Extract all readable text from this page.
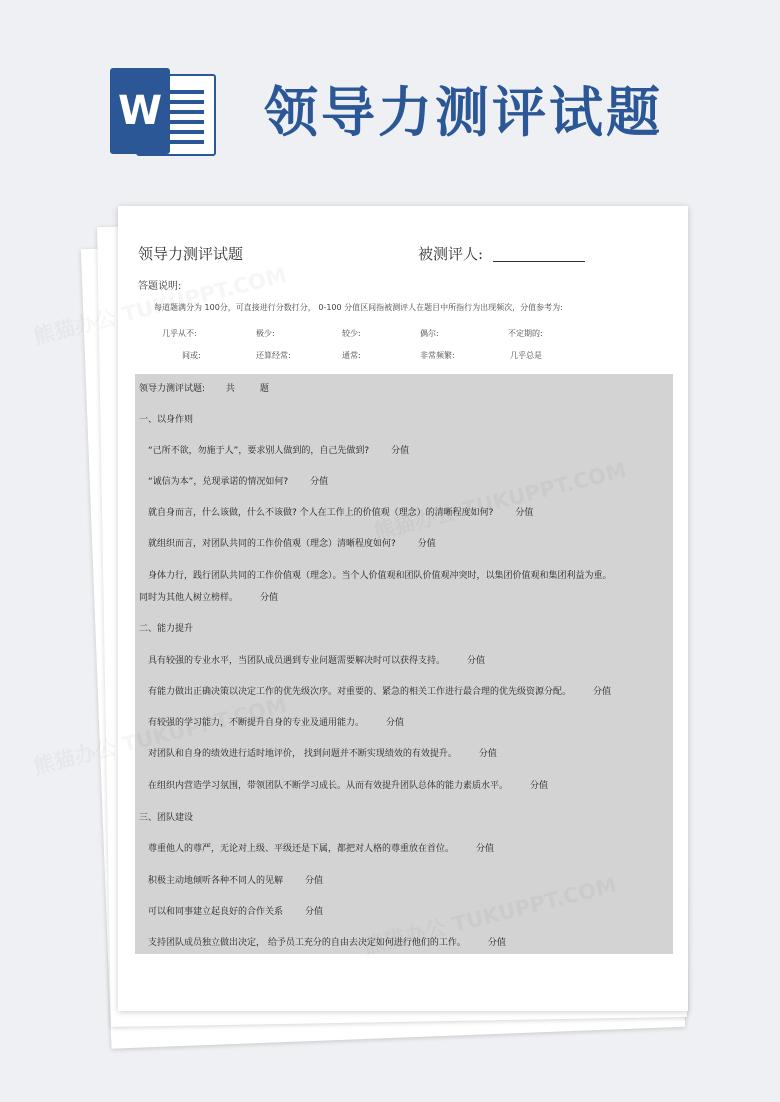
W 领导力测评试题
领导力测评试题	被测评人:
答题说明:
每道题满分为 100分，可直接进行分数打分， 0-100 分值区间指被测评人在题目中所指行为出现频次，分值参考为:
几乎从不:	极少:	较少:	偶尔:	不定期的:
间或:	还算经常:	通常:	非常频繁:	几乎总是
领导力测评试题: 共	题
一、以身作则
“己所不欲，勿施于人”，要求别人做到的，自己先做到? 分值
“诚信为本”，兑现承诺的情况如何? 分值
就自身而言，什么该做，什么不该做? 个人在工作上的价值观（理念）的清晰程度如何? 分值
就组织而言，对团队共同的工作价值观（理念）清晰程度如何? 分值
身体力行，践行团队共同的工作价值观（理念）。当个人价值观和团队价值观冲突时，以集团价值观和集团利益为重。
同时为其他人树立榜样。 分值
二、能力提升
具有较强的专业水平，当团队成员遇到专业问题需要解决时可以获得支持。 分值
有能力做出正确决策以决定工作的优先级次序。对重要的、紧急的相关工作进行最合理的优先级资源分配。 分值
有较强的学习能力，不断提升自身的专业及通用能力。 分值
对团队和自身的绩效进行适时地评价， 找到问题并不断实现绩效的有效提升。 分值
在组织内营造学习氛围，带领团队不断学习成长。从而有效提升团队总体的能力素质水平。 分值
三、团队建设
尊重他人的尊严，无论对上级、平级还是下属，都把对人格的尊重放在首位。 分值
积极主动地倾听各种不同人的见解 分值
可以和同事建立起良好的合作关系 分值
支持团队成员独立做出决定， 给予员工充分的自由去决定如何进行他们的工作。 分值
